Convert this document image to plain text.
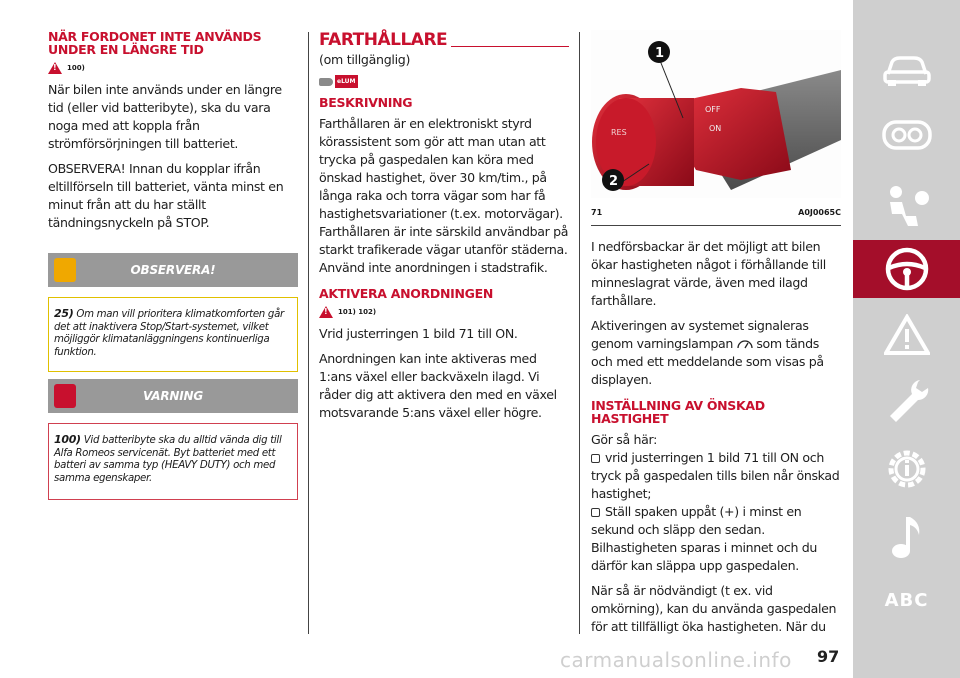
NÄR FORDONET INTE ANVÄNDS UNDER EN LÄNGRE TID
!
100)

När bilen inte används under en längre tid (eller vid batteribyte), ska du vara noga med att koppla från strömförsörjningen till batteriet.

OBSERVERA! Innan du kopplar ifrån eltillförseln till batteriet, vänta minst en minut från att du har ställt tändningsnyckeln på STOP.

OBSERVERA!

25) Om man vill prioritera klimatkomforten går det att inaktivera Stop/Start-systemet, vilket möjliggör klimatanläggningens kontinuerliga funktion.

VARNING

100) Vid batteribyte ska du alltid vända dig till Alfa Romeos servicenät. Byt batteriet med ett batteri av samma typ (HEAVY DUTY) och med samma egenskaper.

FARTHÅLLARE
(om tillgänglig)
eLUM
BESKRIVNING

Farthållaren är en elektroniskt styrd körassistent som gör att man utan att trycka på gaspedalen kan köra med önskad hastighet, över 30 km/tim., på långa raka och torra vägar som har få hastighetsvariationer (t.ex. motorvägar). Farthållaren är inte särskild användbar på starkt trafikerade vägar utanför städerna. Använd inte anordningen i stadstrafik.

AKTIVERA ANORDNINGEN
!
101) 102)

Vrid justerringen 1 bild 71 till ON.

Anordningen kan inte aktiveras med 1:ans växel eller backväxeln ilagd. Vi råder dig att aktivera den med en växel motsvarande 5:ans växel eller högre.

RES
OFF
ON
1
2
71	A0J0065C

I nedförsbackar är det möjligt att bilen ökar hastigheten något i förhållande till minneslagrat värde, även med ilagd farthållare.

Aktiveringen av systemet signaleras genom varningslampan som tänds och med ett meddelande som visas på displayen.

INSTÄLLNING AV ÖNSKAD HASTIGHET

Gör så här:

vrid justerringen 1 bild 71 till ON och tryck på gaspedalen tills bilen når önskad hastighet;

Ställ spaken uppåt (+) i minst en sekund och släpp den sedan.

Bilhastigheten sparas i minnet och du därför kan släppa upp gaspedalen.

När så är nödvändigt (t ex. vid omkörning), kan du använda gaspedalen för att tillfälligt öka hastigheten. När du

ABC
carmanualsonline.info 97
